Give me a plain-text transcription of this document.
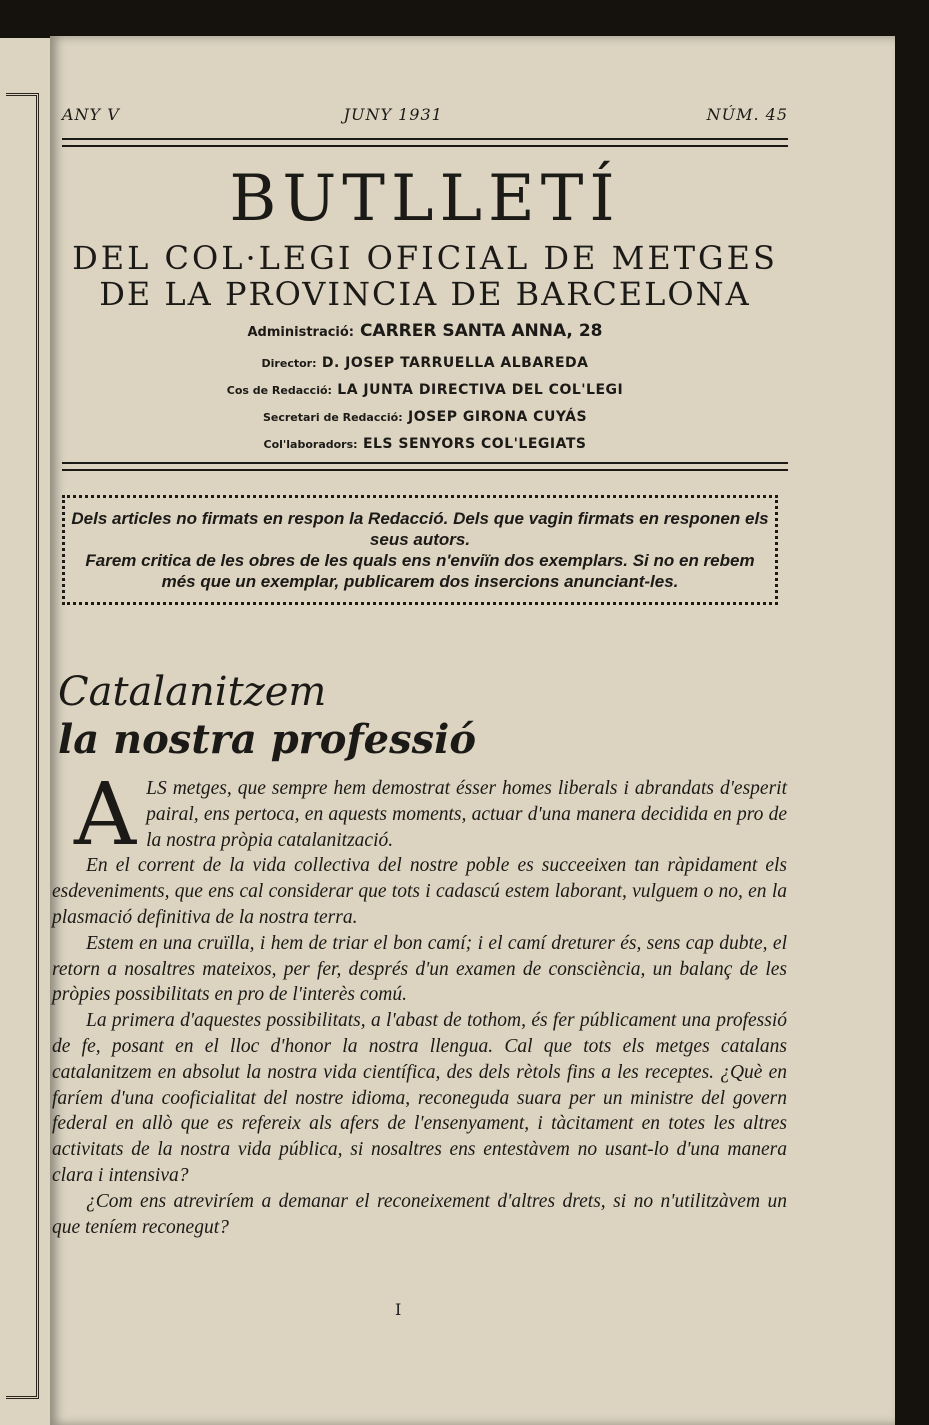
ANY V	JUNY 1931	NÚM. 45
BUTLLETÍ
DEL COL·LEGI OFICIAL DE METGES
DE LA PROVINCIA DE BARCELONA
Administració: CARRER SANTA ANNA, 28
Director: D. JOSEP TARRUELLA ALBAREDA
Cos de Redacció: LA JUNTA DIRECTIVA DEL COL'LEGI
Secretari de Redacció: JOSEP GIRONA CUYÁS
Col'laboradors: ELS SENYORS COL'LEGIATS
Dels articles no firmats en respon la Redacció. Dels que vagin firmats en responen els seus autors.
Farem critica de les obres de les quals ens n'enviïn dos exemplars. Si no en rebem més que un exemplar, publicarem dos insercions anunciant-les.
Catalanitzem
la nostra professió

A LS metges, que sempre hem demostrat ésser homes liberals i abrandats d'esperit pairal, ens pertoca, en aquests moments, actuar d'una manera decidida en pro de la nostra pròpia catalanització.

En el corrent de la vida collectiva del nostre poble es succeeixen tan ràpidament els esdeveniments, que ens cal considerar que tots i cadascú estem laborant, vulguem o no, en la plasmació definitiva de la nostra terra.

Estem en una cruïlla, i hem de triar el bon camí; i el camí dreturer és, sens cap dubte, el retorn a nosaltres mateixos, per fer, després d'un examen de consciència, un balanç de les pròpies possibilitats en pro de l'interès comú.

La primera d'aquestes possibilitats, a l'abast de tothom, és fer públicament una professió de fe, posant en el lloc d'honor la nostra llengua. Cal que tots els metges catalans catalanitzem en absolut la nostra vida científica, des dels rètols fins a les receptes. ¿Què en faríem d'una cooficialitat del nostre idioma, reconeguda suara per un ministre del govern federal en allò que es refereix als afers de l'ensenyament, i tàcitament en totes les altres activitats de la nostra vida pública, si nosaltres ens entestàvem no usant-lo d'una manera clara i intensiva?

¿Com ens atreviríem a demanar el reconeixement d'altres drets, si no n'utilitzàvem un que teníem reconegut?

I
